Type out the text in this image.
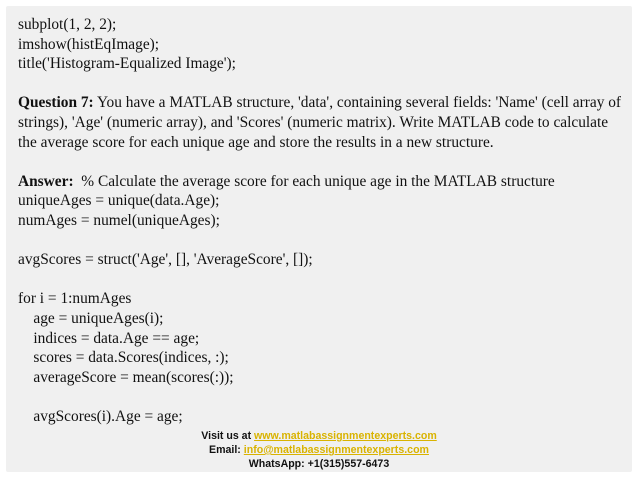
subplot(1, 2, 2);
imshow(histEqImage);
title('Histogram-Equalized Image');
Question 7: You have a MATLAB structure, 'data', containing several fields: 'Name' (cell array of strings), 'Age' (numeric array), and 'Scores' (numeric matrix). Write MATLAB code to calculate the average score for each unique age and store the results in a new structure.
Answer:  % Calculate the average score for each unique age in the MATLAB structure
uniqueAges = unique(data.Age);
numAges = numel(uniqueAges);
avgScores = struct('Age', [], 'AverageScore', []);
for i = 1:numAges
age = uniqueAges(i);
indices = data.Age == age;
scores = data.Scores(indices, :);
averageScore = mean(scores(:));
avgScores(i).Age = age;
Visit us at www.matlabassignmentexperts.com
Email: info@matlabassignmentexperts.com
WhatsApp: +1(315)557-6473
